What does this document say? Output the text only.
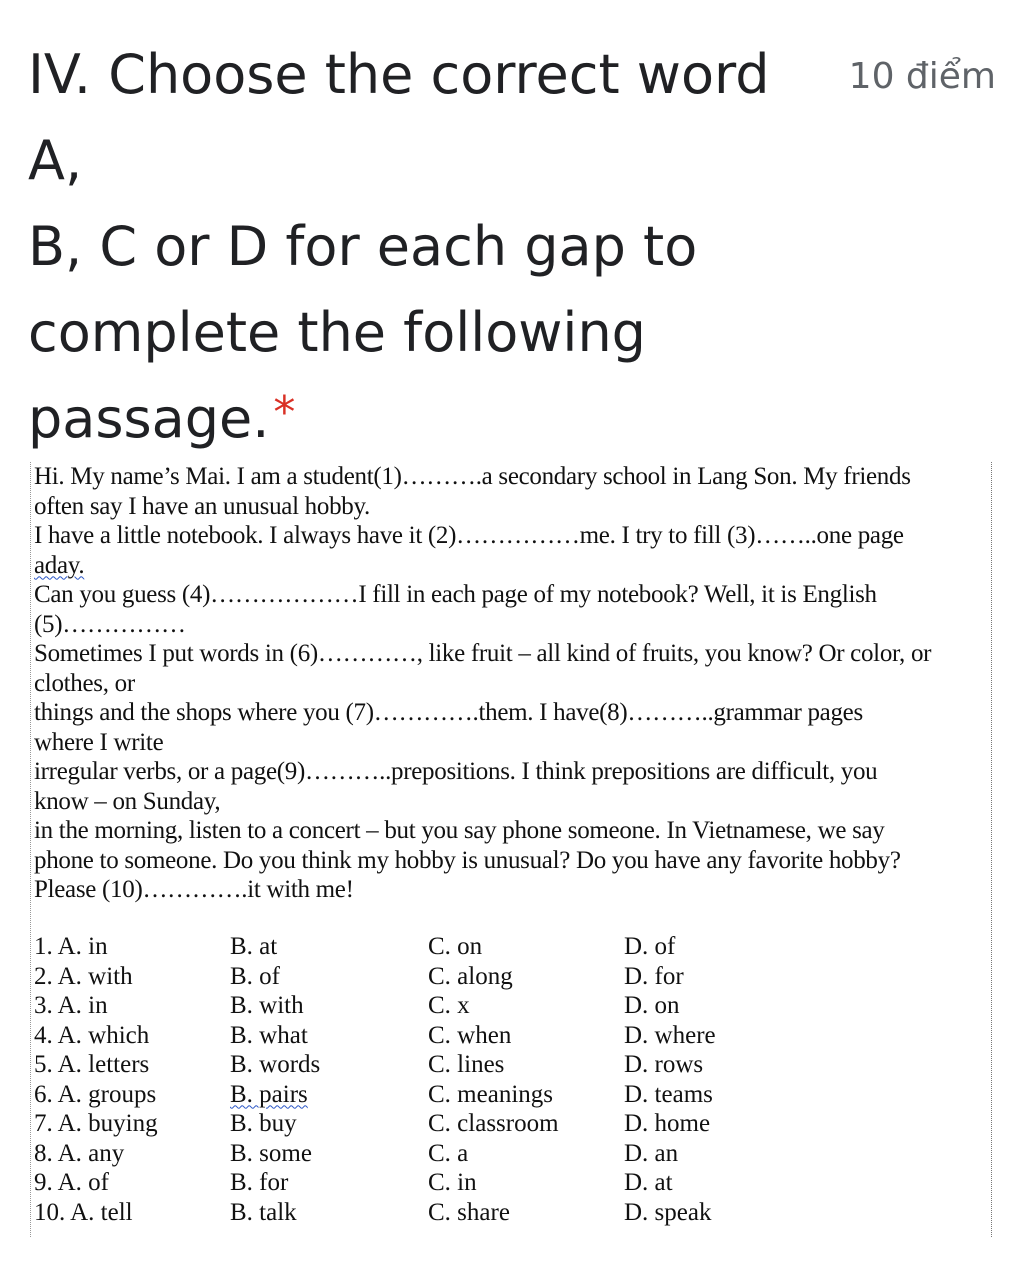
IV. Choose the correct word A,
B, C or D for each gap to
complete the following
passage.*
10 điểm
Hi. My name’s Mai. I am a student(1)……….a secondary school in Lang Son. My friends
often say I have an unusual hobby.
I have a little notebook. I always have it (2)……………me. I try to fill (3)……..one page
aday.
Can you guess (4)………………I fill in each page of my notebook? Well, it is English
(5)……………
Sometimes I put words in (6)…………, like fruit – all kind of fruits, you know? Or color, or
clothes, or
things and the shops where you (7)………….them. I have(8)………..grammar pages
where I write
irregular verbs, or a page(9)………..prepositions. I think prepositions are difficult, you
know – on Sunday,
in the morning, listen to a concert – but you say phone someone. In Vietnamese, we say
phone to someone. Do you think my hobby is unusual? Do you have any favorite hobby?
Please (10)………….it with me!
1. A. in	B. at	C. on	D. of
2. A. with	B. of	C. along	D. for
3. A. in	B. with	C. x	D. on
4. A. which	B. what	C. when	D. where
5. A. letters	B. words	C. lines	D. rows
6. A. groups	B. pairs	C. meanings	D. teams
7. A. buying	B. buy	C. classroom	D. home
8. A. any	B. some	C. a	D. an
9. A. of	B. for	C. in	D. at
10. A. tell	B. talk	C. share	D. speak
